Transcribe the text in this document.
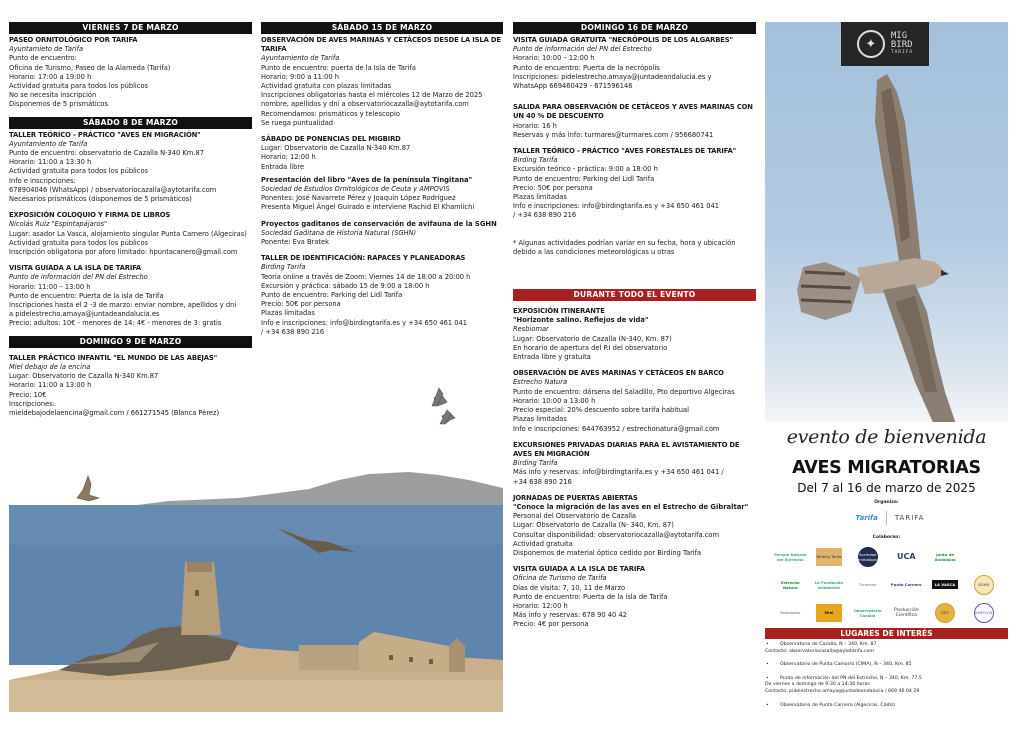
VIERNES 7 DE MARZO
PASEO ORNITOLÓGICO POR TARIFA
Ayuntamieto de Tarifa
Punto de encuentro:
Oficina de Turismo, Paseo de la Alameda (Tarifa)
Horario: 17:00 a 19:00 h
Actividad gratuita para todos los públicos
No se necesita inscripción
Disponemos de 5 prismáticos
SÁBADO 8 DE MARZO
TALLER TEÓRICO - PRÁCTICO "AVES EN MIGRACIÓN"
Ayuntamiento de Tarifa
Punto de encuentro: observatorio de Cazalla N-340 Km.87
Horario: 11:00 a 13:30 h
Actividad gratuita para todos los públicos
Info e inscripciones:
678904046 (WhatsApp) / observatoriocazalla@aytotarifa.com
Necesarios prismáticos (disponemos de 5 prismáticos)
EXPOSICIÓN COLOQUIO Y FIRMA DE LIBROS
Nicolás Ruíz "Espintapájaros"
Lugar: asador La Vasca, alojamiento singular Punta Carnero (Algeciras)
Actividad gratuita para todos los públicos
Inscripción obligatoria por aforo limitado: hpuntacanero@gmail.com
VISITA GUIADA A LA ISLA DE TARIFA
Punto de información del PN del Estrecho
Horario: 11:00 – 13:00 h
Punto de encuentro: Puerta de la isla de Tarifa
Inscripciones hasta el 2 -3 de marzo: enviar nombre, apellidos y dni
a pidelestrecho.amaya@juntadeandalucia.es
Precio: adultos: 10€ - menores de 14: 4€ - menores de 3: gratis
DOMINGO 9 DE MARZO
TALLER PRÁCTICO INFANTIL "EL MUNDO DE LAS ABEJAS"
Miel debajo de la encina
Lugar: Observatorio de Cazalla N-340 Km.87
Horario: 11:00 a 13:00 h
Precio: 10€
Inscripciones:
mieldebajodelaencina@gmail.com / 661271545 (Blanca Pérez)
SÁBADO 15 DE MARZO
OBSERVACIÓN DE AVES MARINAS Y CETÁCEOS DESDE LA ISLA DE TARIFA
Ayuntamiento de Tarifa
Punto de encuentro: puerta de la Isla de Tarifa
Horario: 9:00 a 11:00 h
Actividad gratuita con plazas limitadas
Inscripciones obligatorias hasta el miércoles 12 de Marzo de 2025
nombre, apellidos y dni a observatoriocazalla@aytotarifa.com
Recomendamos: prismáticos y telescopio
Se ruega puntualidad
SÁBADO DE PONENCIAS DEL MIGBIRD
Lugar: Observatorio de Cazalla N-340 Km.87
Horario: 12:00 h
Entrada libre
Presentación del libro "Aves de la península Tingitana"
Sociedad de Estudios Ornitológicos de Ceuta y AMPOVIS
Ponentes: José Navarrete Pérez y Joaquín López Rodríguez
Presenta Miguel Ángel Guirado e interviene Rachid El Khamlichi
Proyectos gaditanos de conservación de avifauna de la SGHN
Sociedad Gaditana de Historia Natural (SGHN)
Ponente: Eva Bratek
TALLER DE IDENTIFICACIÓN: RAPACES Y PLANEADORAS
Birding Tarifa
Teoría online a través de Zoom: Viernes 14 de 18:00 a 20:00 h
Excursión y práctica: sábado 15 de 9:00 a 18:00 h
Punto de encuentro: Parking del Lidl Tarifa
Precio: 50€ por persona
Plazas limitadas
Info e inscripciones: info@birdingtarifa.es y +34 650 461 041
/ +34 638 890 216
DOMINGO 16 DE MARZO
VISITA GUIADA GRATUITA "NECRÓPOLIS DE LOS ALGARBES"
Punto de información del PN del Estrecho
Horario: 10:00 – 12:00 h
Punto de encuentro: Puerta de la necrópolis
Inscripciones: pidelestrecho.amaya@juntadeandalucia.es y
WhatsApp 669460429 - 671596146
SALIDA PARA OBSERVACIÓN DE CETÁCEOS Y AVES MARINAS CON UN 40 % DE DESCUENTO
Horario: 16 h
Reservas y más info: turmares@turmares.com / 956680741
TALLER TEÓRICO - PRÁCTICO "AVES FORESTALES DE TARIFA"
Birding Tarifa
Excursión teórico - práctica: 9:00 a 18:00 h
Punto de encuentro: Parking del Lidl Tarifa
Precio: 50€ por persona
Plazas limitadas
Info e inscripciones: info@birdingtarifa.es y +34 650 461 041
/ +34 638 890 216
* Algunas actividades podrían variar en su fecha, hora y ubicación debido a las condiciones meteorológicas u otras
DURANTE TODO EL EVENTO
EXPOSICIÓN ITINERANTE
"Horizonte salino. Reflejos de vida"
Resbiomar
Lugar: Observatorio de Cazalla (N-340, Km. 87)
En horario de apertura del P.I del observatorio
Entrada libre y gratuita
OBSERVACIÓN DE AVES MARINAS Y CETÁCEOS EN BARCO
Estrecho Natura
Punto de encuentro: dársena del Saladillo, Pto deportivo Algeciras
Horario: 10:00 a 13:00 h
Precio especial: 20% descuento sobre tarifa habitual
Plazas limitadas
Info e inscripciones: 644763952 / estrechonatura@gmail.com
EXCURSIONES PRIVADAS DIARIAS PARA EL AVISTAMIENTO DE AVES EN MIGRACIÓN
Birding Tarifa
Más info y reservas: info@birdingtarifa.es y +34 650 461 041 /
+34 638 890 216
JORNADAS DE PUERTAS ABIERTAS
"Conoce la migración de las aves en el Estrecho de Gibraltar"
Personal del Observatorio de Cazalla
Lugar: Observatorio de Cazalla (N- 340, Km. 87)
Consultar disponibilidad: observatoriocazalla@aytotarifa.com
Actividad gratuita
Disponemos de material óptico cedido por Birding Tarifa
VISITA GUIADA A LA ISLA DE TARIFA
Oficina de Turismo de Tarifa
Días de visita: 7, 10, 11 de Marzo
Punto de encuentro: Puerta de la isla de Tarifa
Horario: 12:00 h
Más info y reservas: 678 90 40 42
Precio: 4€ por persona
✦
MIG
BIRD
TARIFA
evento de bienvenida
AVES MIGRATORIAS
Del 7 al 16 de marzo de 2025
Organiza:
Tarifa TARIFA
Colaboran:
Parque Natural del Estrecho	Birding Tarifa	Sociedad Ornitológica UCA	Junta de Andalucía
Estrecho Natura
La Fundación Ambiental	Turmares	Punta Carnero	LA VASCA	SGHN
Resbiomar	Miel	Observatorio Cazalla
Producción Científica	SEO	AMPOVIS
LUGARES DE INTERÉS
• Observatorio de Cazalla, N – 340, Km. 87
Contacto: observatoriocazalla@aytotarifa.com
• Observatorio de Punta Camorro (CIMA), N – 340, Km. 85
• Punto de información del PN del Estrecho, N – 340, Km. 77,5
De viernes a domingo de 9:30 a 14:30 horas
Contacto: pidelestrecho.amaya@juntadeandalucia / 669 46 04 29
• Observatorio de Punta Carnero (Algeciras, Cádiz)
